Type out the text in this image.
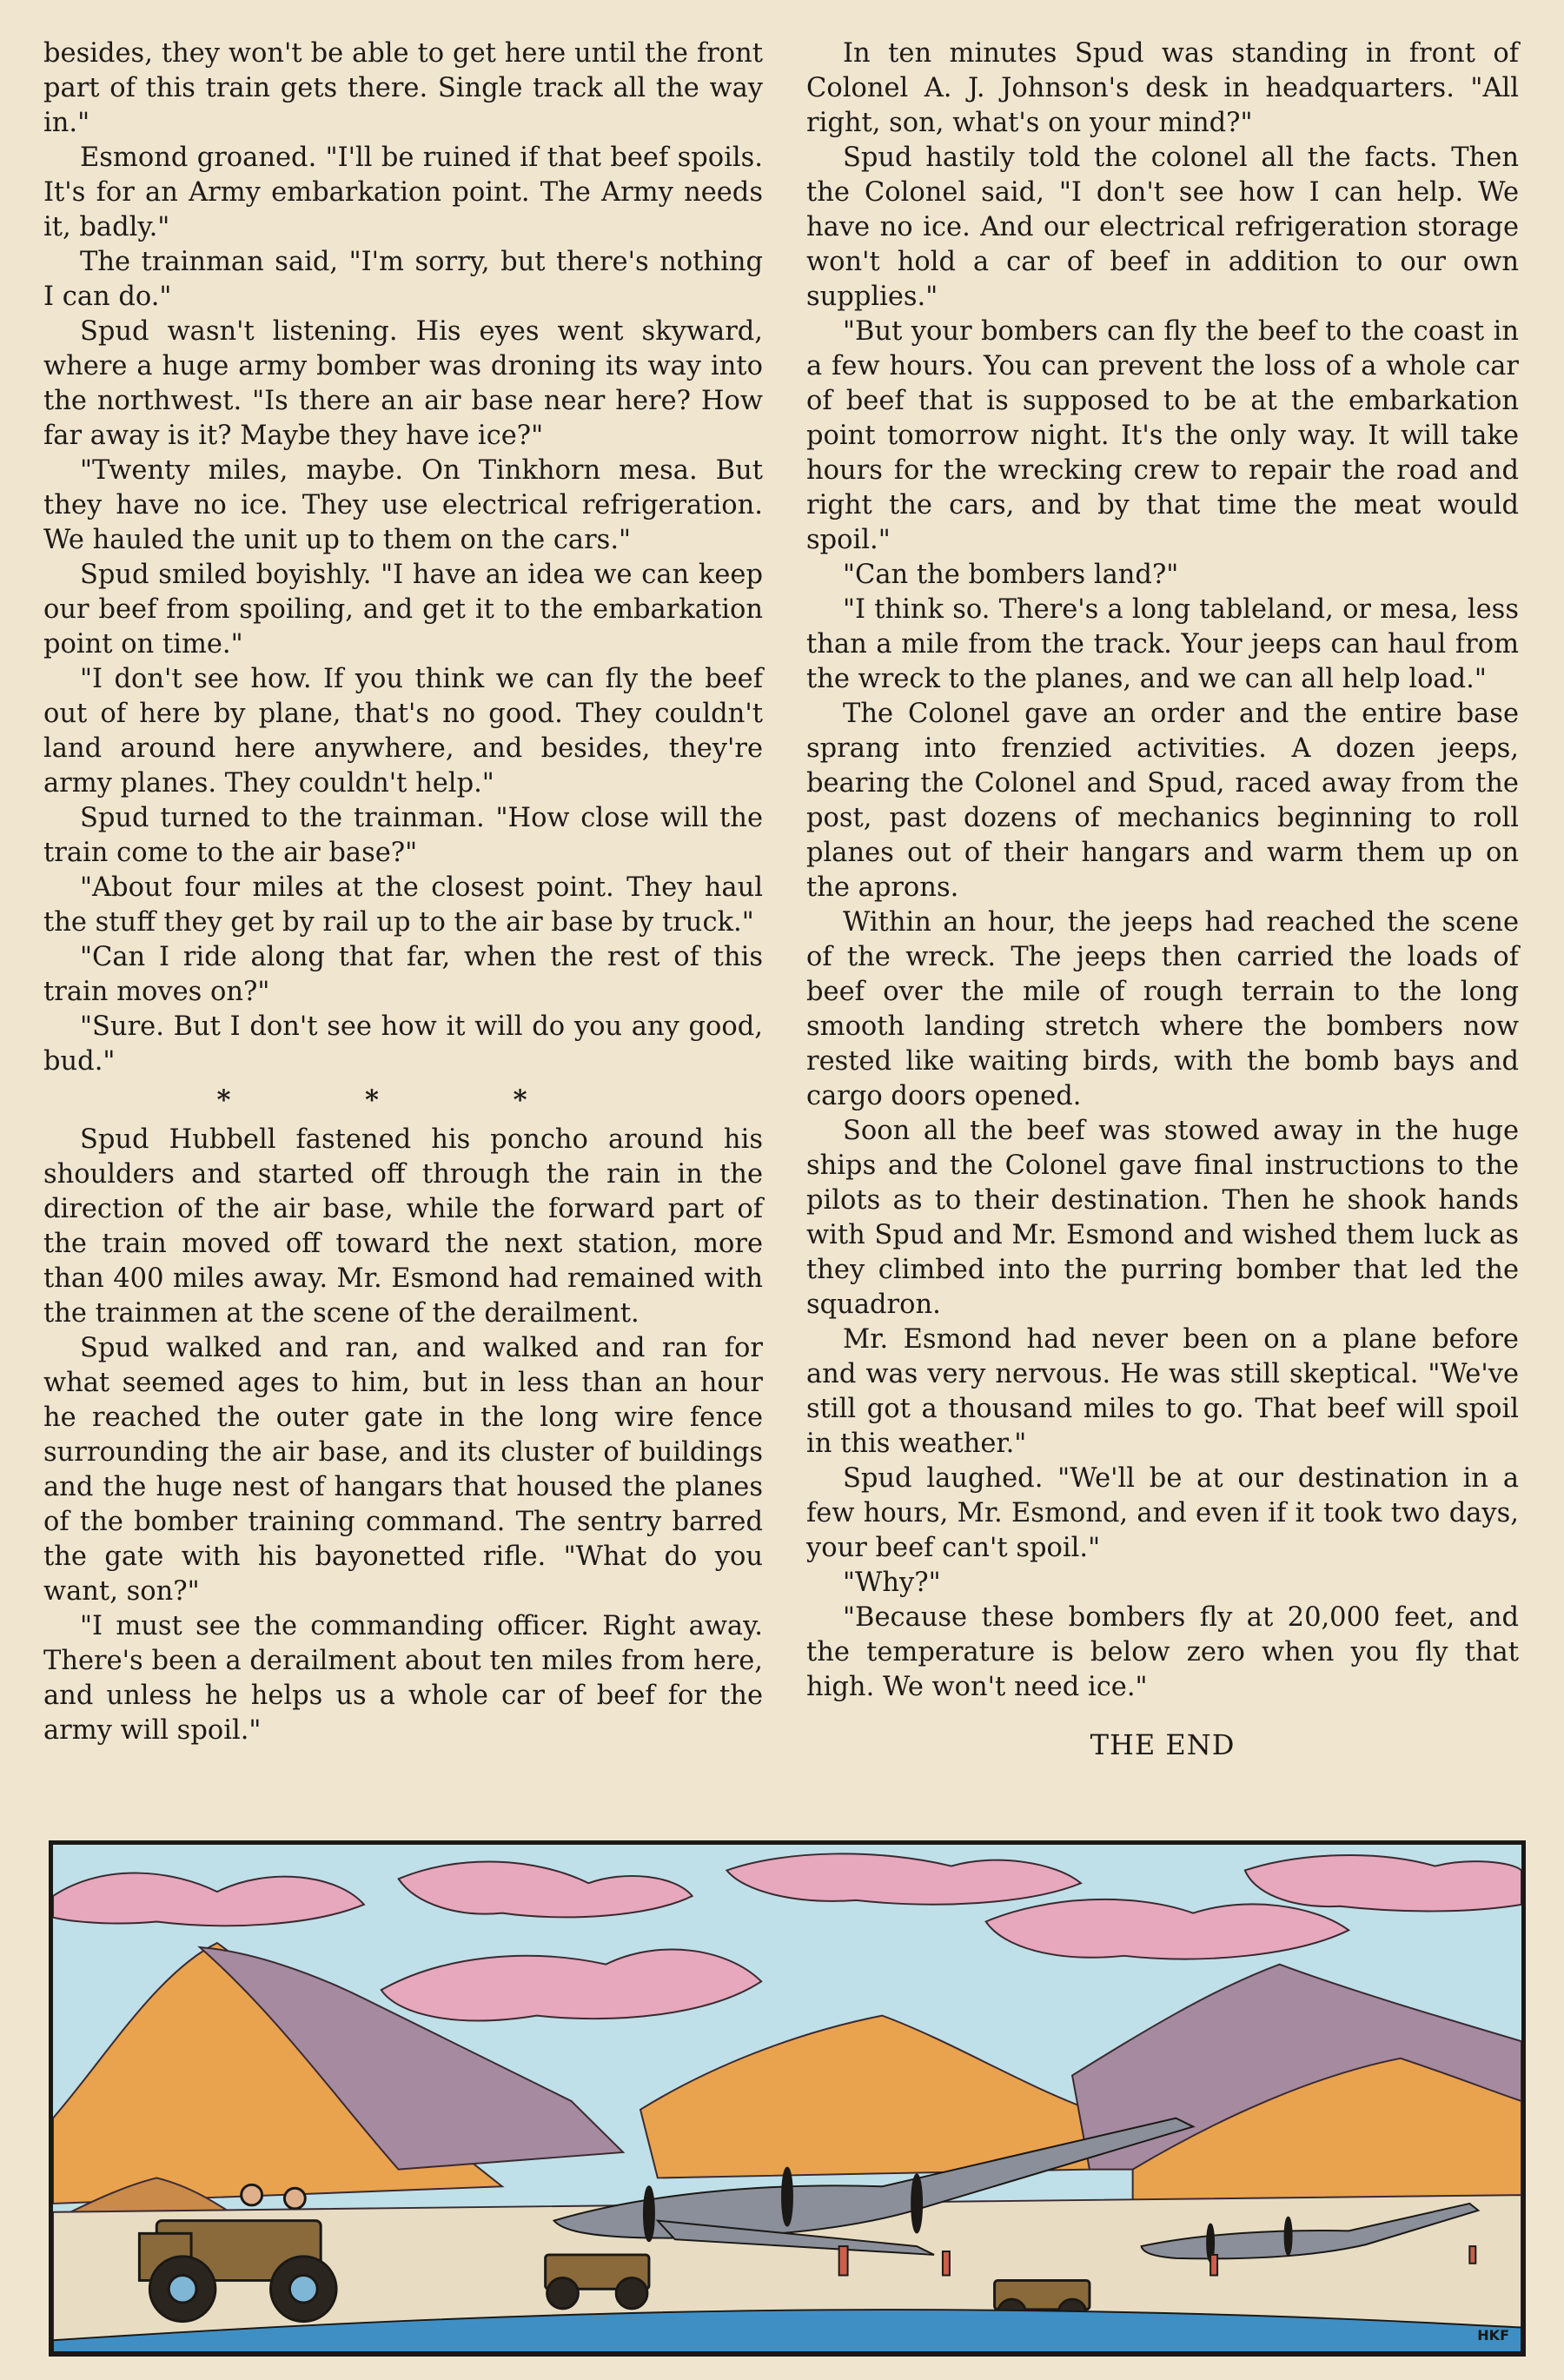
besides, they won't be able to get here until the front part of this train gets there. Single track all the way in."

Esmond groaned. "I'll be ruined if that beef spoils. It's for an Army embarkation point. The Army needs it, badly."

The trainman said, "I'm sorry, but there's nothing I can do."

Spud wasn't listening. His eyes went skyward, where a huge army bomber was droning its way into the northwest. "Is there an air base near here? How far away is it? Maybe they have ice?"

"Twenty miles, maybe. On Tinkhorn mesa. But they have no ice. They use electrical refrigeration. We hauled the unit up to them on the cars."

Spud smiled boyishly. "I have an idea we can keep our beef from spoiling, and get it to the embarkation point on time."

"I don't see how. If you think we can fly the beef out of here by plane, that's no good. They couldn't land around here anywhere, and besides, they're army planes. They couldn't help."

Spud turned to the trainman. "How close will the train come to the air base?"

"About four miles at the closest point. They haul the stuff they get by rail up to the air base by truck."

"Can I ride along that far, when the rest of this train moves on?"

"Sure. But I don't see how it will do you any good, bud."

* * *

Spud Hubbell fastened his poncho around his shoulders and started off through the rain in the direction of the air base, while the forward part of the train moved off toward the next station, more than 400 miles away. Mr. Esmond had remained with the trainmen at the scene of the derailment.

Spud walked and ran, and walked and ran for what seemed ages to him, but in less than an hour he reached the outer gate in the long wire fence surrounding the air base, and its cluster of buildings and the huge nest of hangars that housed the planes of the bomber training command. The sentry barred the gate with his bayonetted rifle. "What do you want, son?"

"I must see the commanding officer. Right away. There's been a derailment about ten miles from here, and unless he helps us a whole car of beef for the army will spoil."

In ten minutes Spud was standing in front of Colonel A. J. Johnson's desk in headquarters. "All right, son, what's on your mind?"

Spud hastily told the colonel all the facts. Then the Colonel said, "I don't see how I can help. We have no ice. And our electrical refrigeration storage won't hold a car of beef in addition to our own supplies."

"But your bombers can fly the beef to the coast in a few hours. You can prevent the loss of a whole car of beef that is supposed to be at the embarkation point tomorrow night. It's the only way. It will take hours for the wrecking crew to repair the road and right the cars, and by that time the meat would spoil."

"Can the bombers land?"

"I think so. There's a long tableland, or mesa, less than a mile from the track. Your jeeps can haul from the wreck to the planes, and we can all help load."

The Colonel gave an order and the entire base sprang into frenzied activities. A dozen jeeps, bearing the Colonel and Spud, raced away from the post, past dozens of mechanics beginning to roll planes out of their hangars and warm them up on the aprons.

Within an hour, the jeeps had reached the scene of the wreck. The jeeps then carried the loads of beef over the mile of rough terrain to the long smooth landing stretch where the bombers now rested like waiting birds, with the bomb bays and cargo doors opened.

Soon all the beef was stowed away in the huge ships and the Colonel gave final instructions to the pilots as to their destination. Then he shook hands with Spud and Mr. Esmond and wished them luck as they climbed into the purring bomber that led the squadron.

Mr. Esmond had never been on a plane before and was very nervous. He was still skeptical. "We've still got a thousand miles to go. That beef will spoil in this weather."

Spud laughed. "We'll be at our destination in a few hours, Mr. Esmond, and even if it took two days, your beef can't spoil."

"Why?"

"Because these bombers fly at 20,000 feet, and the temperature is below zero when you fly that high. We won't need ice."

THE END
HKF
